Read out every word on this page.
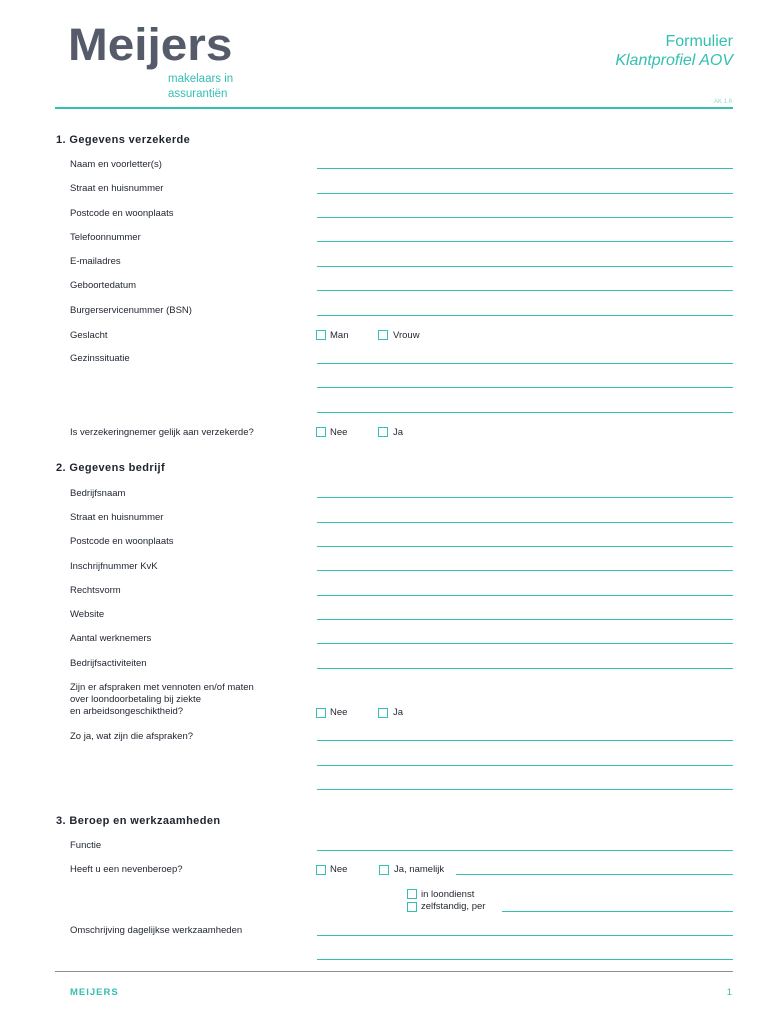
Meijers
makelaars in
assurantiën
Formulier
Klantprofiel AOV
AK 1.6
1. Gegevens verzekerde
Naam en voorletter(s)
Straat en huisnummer
Postcode en woonplaats
Telefoonnummer
E-mailadres
Geboortedatum
Burgerservicenummer (BSN)
Geslacht	Man	Vrouw
Gezinssituatie
Is verzekeringnemer gelijk aan verzekerde?	Nee	Ja
2. Gegevens bedrijf
Bedrijfsnaam
Straat en huisnummer
Postcode en woonplaats
Inschrijfnummer KvK
Rechtsvorm
Website
Aantal werknemers
Bedrijfsactiviteiten
Zijn er afspraken met vennoten en/of maten
over loondoorbetaling bij ziekte
en arbeidsongeschiktheid?	Nee	Ja
Zo ja, wat zijn die afspraken?
3. Beroep en werkzaamheden
Functie
Heeft u een nevenberoep?	Nee	Ja, namelijk
in loondienst
zelfstandig, per
Omschrijving dagelijkse werkzaamheden
MEIJERS	1
